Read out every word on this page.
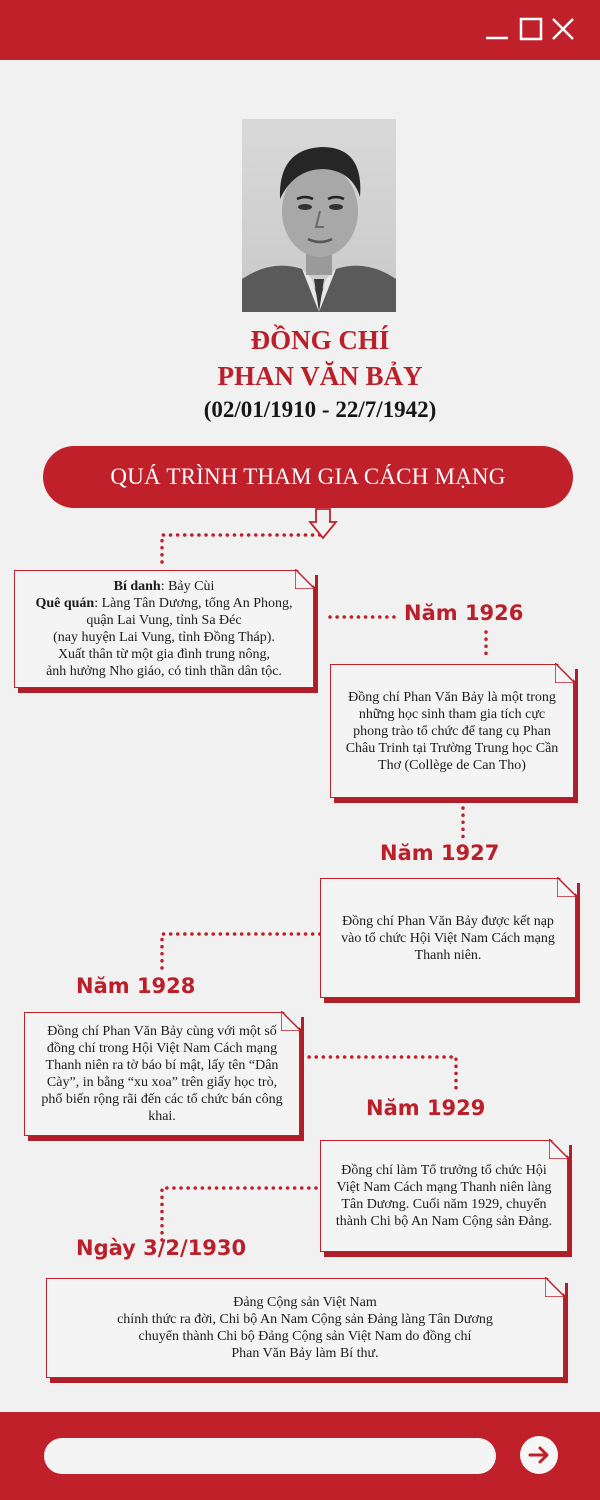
ĐỒNG CHÍ
PHAN VĂN BẢY
(02/01/1910 - 22/7/1942)
QUÁ TRÌNH THAM GIA CÁCH MẠNG

Bí danh: Bảy Cùi

Quê quán: Làng Tân Dương, tổng An Phong,

quận Lai Vung, tỉnh Sa Đéc

(nay huyện Lai Vung, tỉnh Đồng Tháp).

Xuất thân từ một gia đình trung nông,

ảnh hưởng Nho giáo, có tinh thần dân tộc.

Năm 1926

Đồng chí Phan Văn Bảy là một trong những học sinh tham gia tích cực phong trào tổ chức để tang cụ Phan Châu Trinh tại Trường Trung học Cần Thơ (Collège de Can Tho)

Năm 1927

Đồng chí Phan Văn Bảy được kết nạp vào tổ chức Hội Việt Nam Cách mạng Thanh niên.

Năm 1928

Đồng chí Phan Văn Bảy cùng với một số đồng chí trong Hội Việt Nam Cách mạng Thanh niên ra tờ báo bí mật, lấy tên “Dân Cày”, in bằng “xu xoa” trên giấy học trò, phổ biến rộng rãi đến các tổ chức bán công khai.	Năm 1929

Đồng chí làm Tổ trưởng tổ chức Hội Việt Nam Cách mạng Thanh niên làng Tân Dương. Cuối năm 1929, chuyển thành Chi bộ An Nam Cộng sản Đảng.

Ngày 3/2/1930

Đảng Cộng sản Việt Nam

chính thức ra đời, Chi bộ An Nam Cộng sản Đảng làng Tân Dương

chuyển thành Chi bộ Đảng Cộng sản Việt Nam do đồng chí

Phan Văn Bảy làm Bí thư.
